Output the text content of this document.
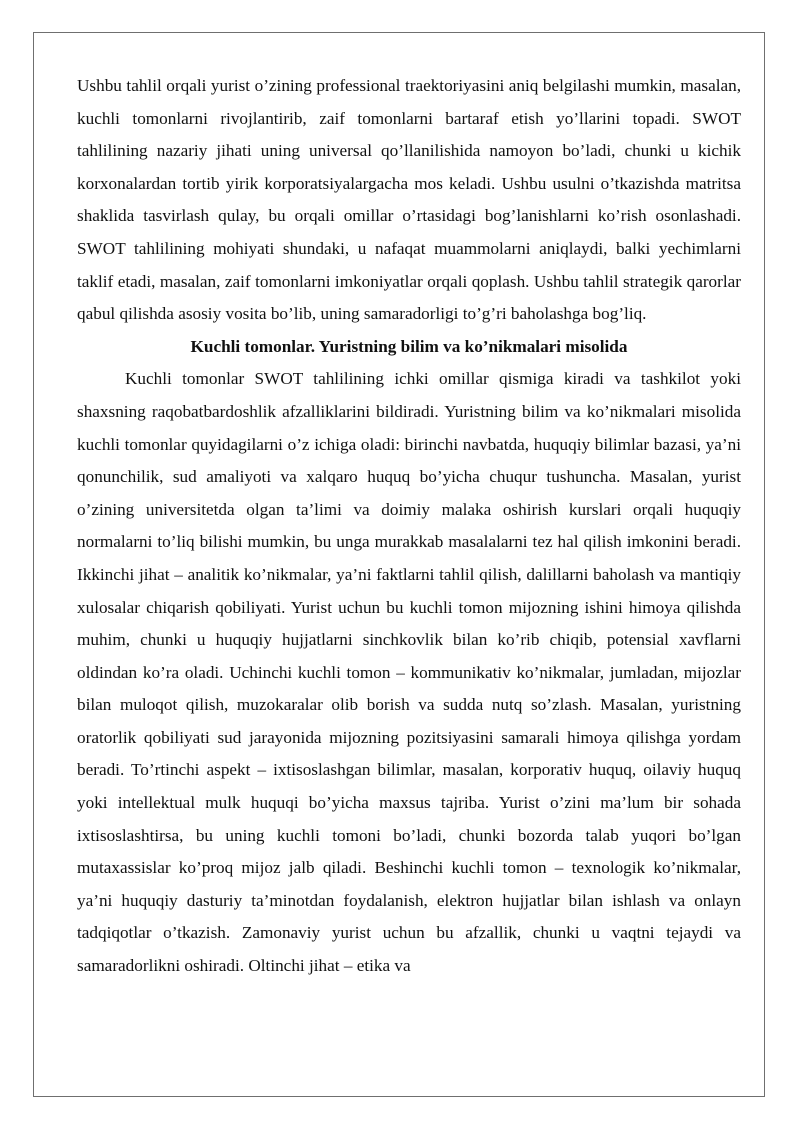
Ushbu tahlil orqali yurist o’zining professional traektoriyasini aniq belgilashi mumkin, masalan, kuchli tomonlarni rivojlantirib, zaif tomonlarni bartaraf etish yo’llarini topadi. SWOT tahlilining nazariy jihati uning universal qo’llanilishida namoyon bo’ladi, chunki u kichik korxonalardan tortib yirik korporatsiyalargacha mos keladi. Ushbu usulni o’tkazishda matritsa shaklida tasvirlash qulay, bu orqali omillar o’rtasidagi bog’lanishlarni ko’rish osonlashadi. SWOT tahlilining mohiyati shundaki, u nafaqat muammolarni aniqlaydi, balki yechimlarni taklif etadi, masalan, zaif tomonlarni imkoniyatlar orqali qoplash. Ushbu tahlil strategik qarorlar qabul qilishda asosiy vosita bo’lib, uning samaradorligi to’g’ri baholashga bog’liq.

Kuchli tomonlar. Yuristning bilim va ko’nikmalari misolida

Kuchli tomonlar SWOT tahlilining ichki omillar qismiga kiradi va tashkilot yoki shaxsning raqobatbardoshlik afzalliklarini bildiradi. Yuristning bilim va ko’nikmalari misolida kuchli tomonlar quyidagilarni o’z ichiga oladi: birinchi navbatda, huquqiy bilimlar bazasi, ya’ni qonunchilik, sud amaliyoti va xalqaro huquq bo’yicha chuqur tushuncha. Masalan, yurist o’zining universitetda olgan ta’limi va doimiy malaka oshirish kurslari orqali huquqiy normalarni to’liq bilishi mumkin, bu unga murakkab masalalarni tez hal qilish imkonini beradi. Ikkinchi jihat – analitik ko’nikmalar, ya’ni faktlarni tahlil qilish, dalillarni baholash va mantiqiy xulosalar chiqarish qobiliyati. Yurist uchun bu kuchli tomon mijozning ishini himoya qilishda muhim, chunki u huquqiy hujjatlarni sinchkovlik bilan ko’rib chiqib, potensial xavflarni oldindan ko’ra oladi. Uchinchi kuchli tomon – kommunikativ ko’nikmalar, jumladan, mijozlar bilan muloqot qilish, muzokaralar olib borish va sudda nutq so’zlash. Masalan, yuristning oratorlik qobiliyati sud jarayonida mijozning pozitsiyasini samarali himoya qilishga yordam beradi. To’rtinchi aspekt – ixtisoslashgan bilimlar, masalan, korporativ huquq, oilaviy huquq yoki intellektual mulk huquqi bo’yicha maxsus tajriba. Yurist o’zini ma’lum bir sohada ixtisoslashtirsa, bu uning kuchli tomoni bo’ladi, chunki bozorda talab yuqori bo’lgan mutaxassislar ko’proq mijoz jalb qiladi. Beshinchi kuchli tomon – texnologik ko’nikmalar, ya’ni huquqiy dasturiy ta’minotdan foydalanish, elektron hujjatlar bilan ishlash va onlayn tadqiqotlar o’tkazish. Zamonaviy yurist uchun bu afzallik, chunki u vaqtni tejaydi va samaradorlikni oshiradi. Oltinchi jihat – etika va
